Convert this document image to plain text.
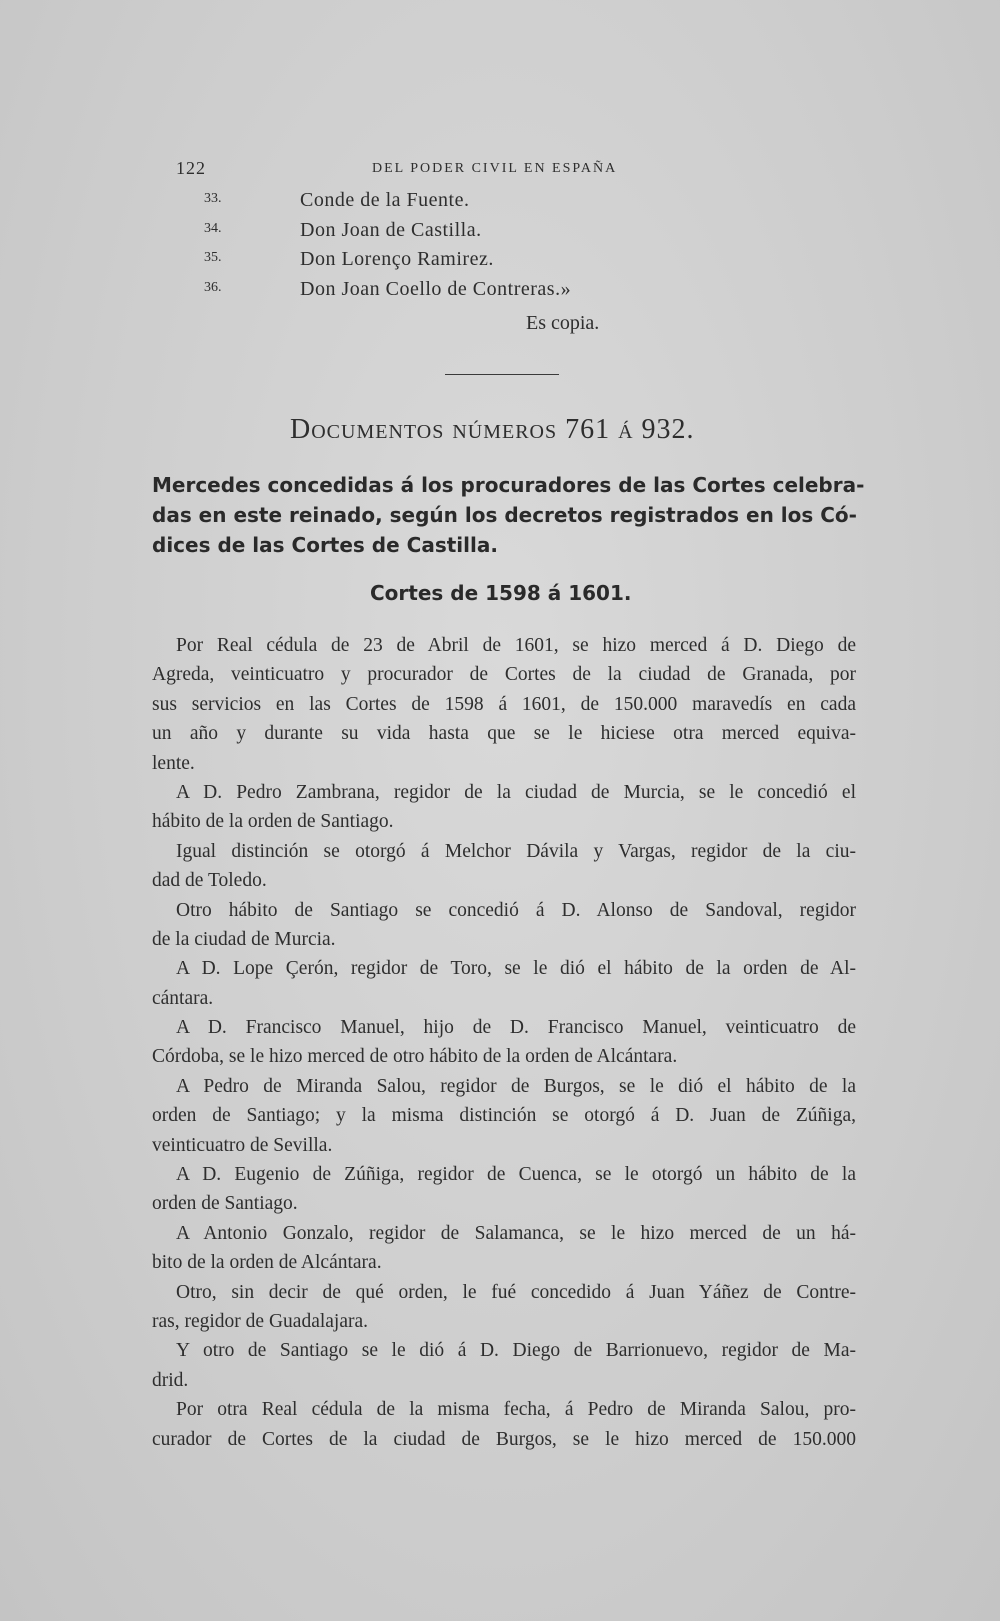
122	DEL PODER CIVIL EN ESPAÑA
33.	Conde de la Fuente.
34.	Don Joan de Castilla.
35.	Don Lorenço Ramirez.
36.	Don Joan Coello de Contreras.»
Es copia.
Documentos números 761 á 932.
Mercedes concedidas á los procuradores de las Cortes celebra-
das en este reinado, según los decretos registrados en los Có-
dices de las Cortes de Castilla.
Cortes de 1598 á 1601.
Por Real cédula de 23 de Abril de 1601, se hizo merced á D. Diego de
Agreda, veinticuatro y procurador de Cortes de la ciudad de Granada, por
sus servicios en las Cortes de 1598 á 1601, de 150.000 maravedís en cada
un año y durante su vida hasta que se le hiciese otra merced equiva-
lente.
A D. Pedro Zambrana, regidor de la ciudad de Murcia, se le concedió el
hábito de la orden de Santiago.
Igual distinción se otorgó á Melchor Dávila y Vargas, regidor de la ciu-
dad de Toledo.
Otro hábito de Santiago se concedió á D. Alonso de Sandoval, regidor
de la ciudad de Murcia.
A D. Lope Çerón, regidor de Toro, se le dió el hábito de la orden de Al-
cántara.
A D. Francisco Manuel, hijo de D. Francisco Manuel, veinticuatro de
Córdoba, se le hizo merced de otro hábito de la orden de Alcántara.
A Pedro de Miranda Salou, regidor de Burgos, se le dió el hábito de la
orden de Santiago; y la misma distinción se otorgó á D. Juan de Zúñiga,
veinticuatro de Sevilla.
A D. Eugenio de Zúñiga, regidor de Cuenca, se le otorgó un hábito de la
orden de Santiago.
A Antonio Gonzalo, regidor de Salamanca, se le hizo merced de un há-
bito de la orden de Alcántara.
Otro, sin decir de qué orden, le fué concedido á Juan Yáñez de Contre-
ras, regidor de Guadalajara.
Y otro de Santiago se le dió á D. Diego de Barrionuevo, regidor de Ma-
drid.
Por otra Real cédula de la misma fecha, á Pedro de Miranda Salou, pro-
curador de Cortes de la ciudad de Burgos, se le hizo merced de 150.000
